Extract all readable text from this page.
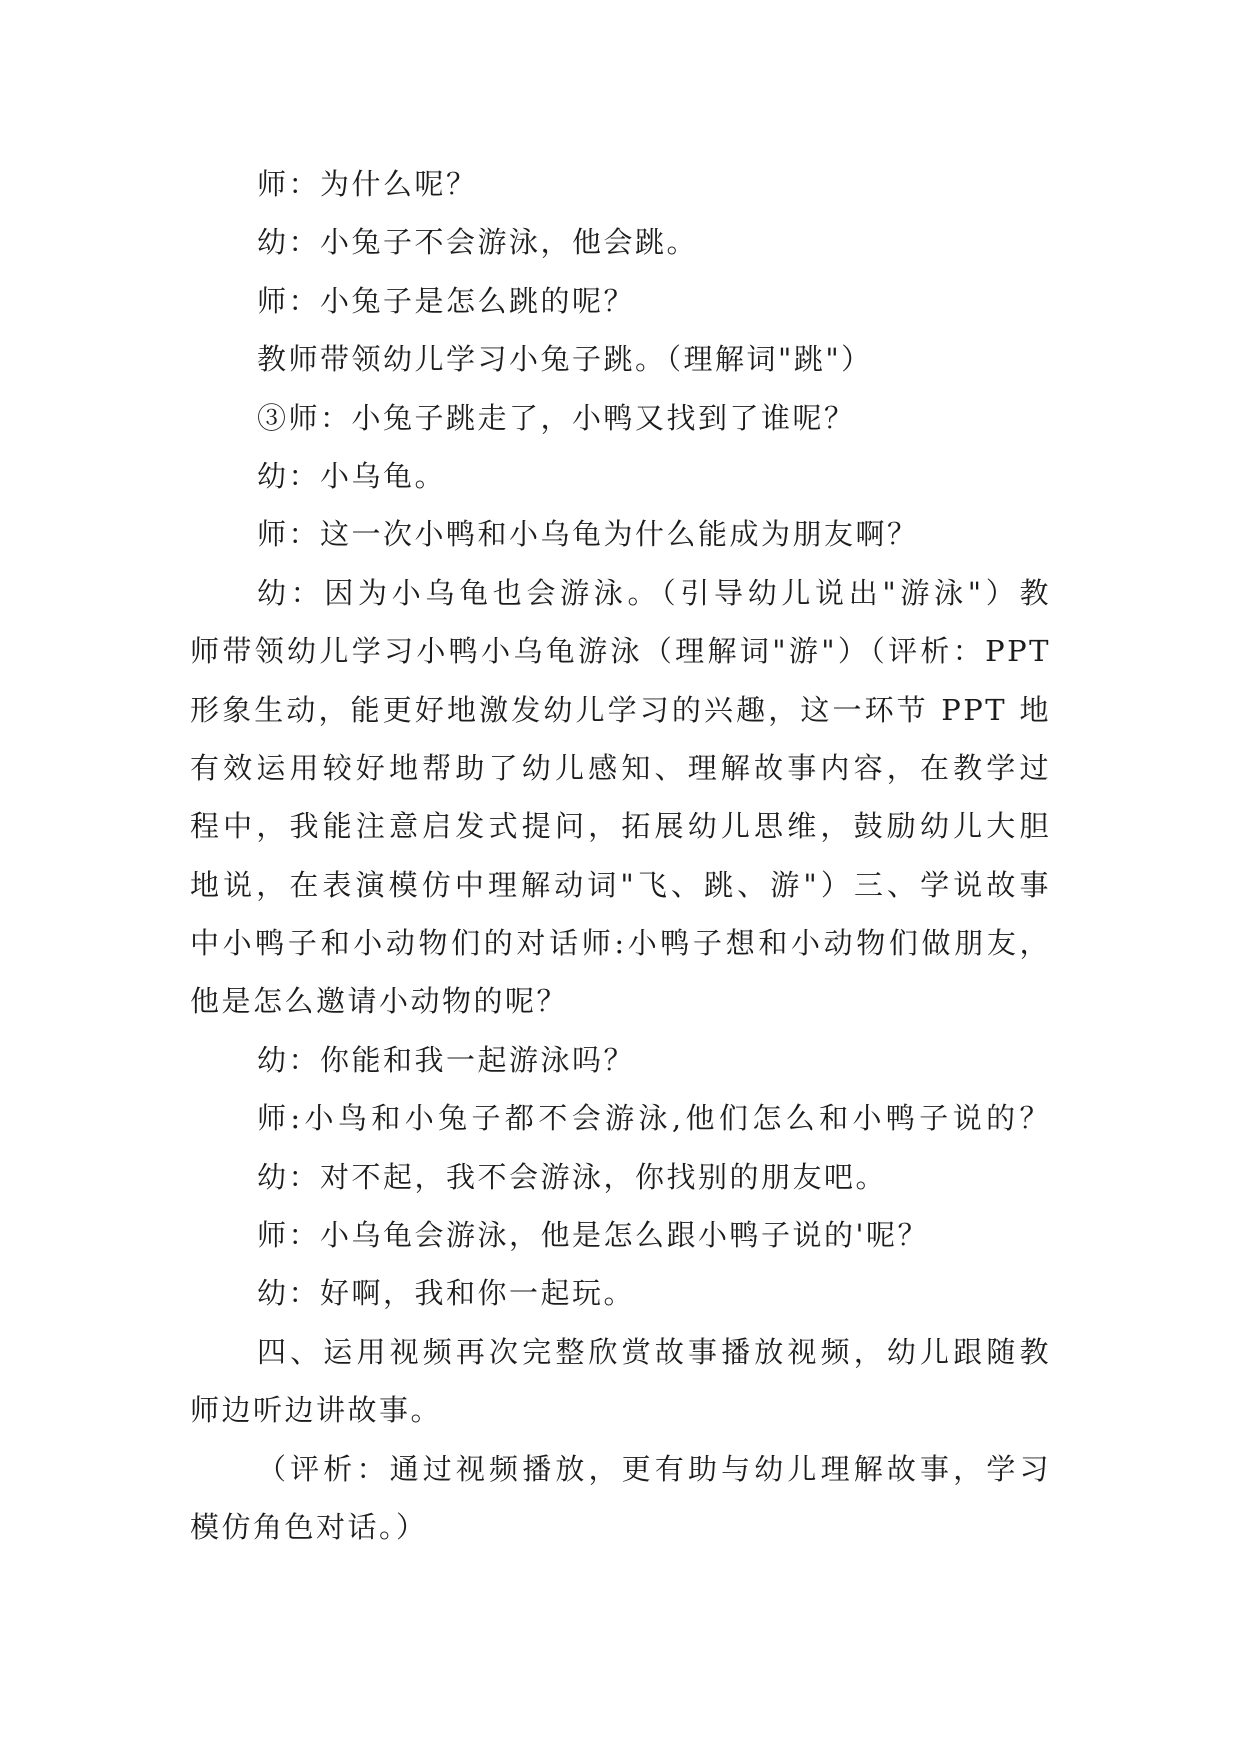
师：为什么呢？
幼：小兔子不会游泳，他会跳。
师：小兔子是怎么跳的呢？
教师带领幼儿学习小兔子跳。（理解词"跳"）
③师：小兔子跳走了，小鸭又找到了谁呢？
幼：小乌龟。
师：这一次小鸭和小乌龟为什么能成为朋友啊？
幼：因为小乌龟也会游泳。（引导幼儿说出"游泳"）教
师带领幼儿学习小鸭小乌龟游泳（理解词"游"）（评析：PPT
形象生动，能更好地激发幼儿学习的兴趣，这一环节 PPT 地
有效运用较好地帮助了幼儿感知、理解故事内容，在教学过
程中，我能注意启发式提问，拓展幼儿思维，鼓励幼儿大胆
地说，在表演模仿中理解动词"飞、跳、游"）三、学说故事
中小鸭子和小动物们的对话师:小鸭子想和小动物们做朋友，
他是怎么邀请小动物的呢？
幼：你能和我一起游泳吗？
师:小鸟和小兔子都不会游泳,他们怎么和小鸭子说的？
幼：对不起，我不会游泳，你找别的朋友吧。
师：小乌龟会游泳，他是怎么跟小鸭子说的'呢？
幼：好啊，我和你一起玩。
四、运用视频再次完整欣赏故事播放视频，幼儿跟随教
师边听边讲故事。
（评析：通过视频播放，更有助与幼儿理解故事，学习
模仿角色对话。）
